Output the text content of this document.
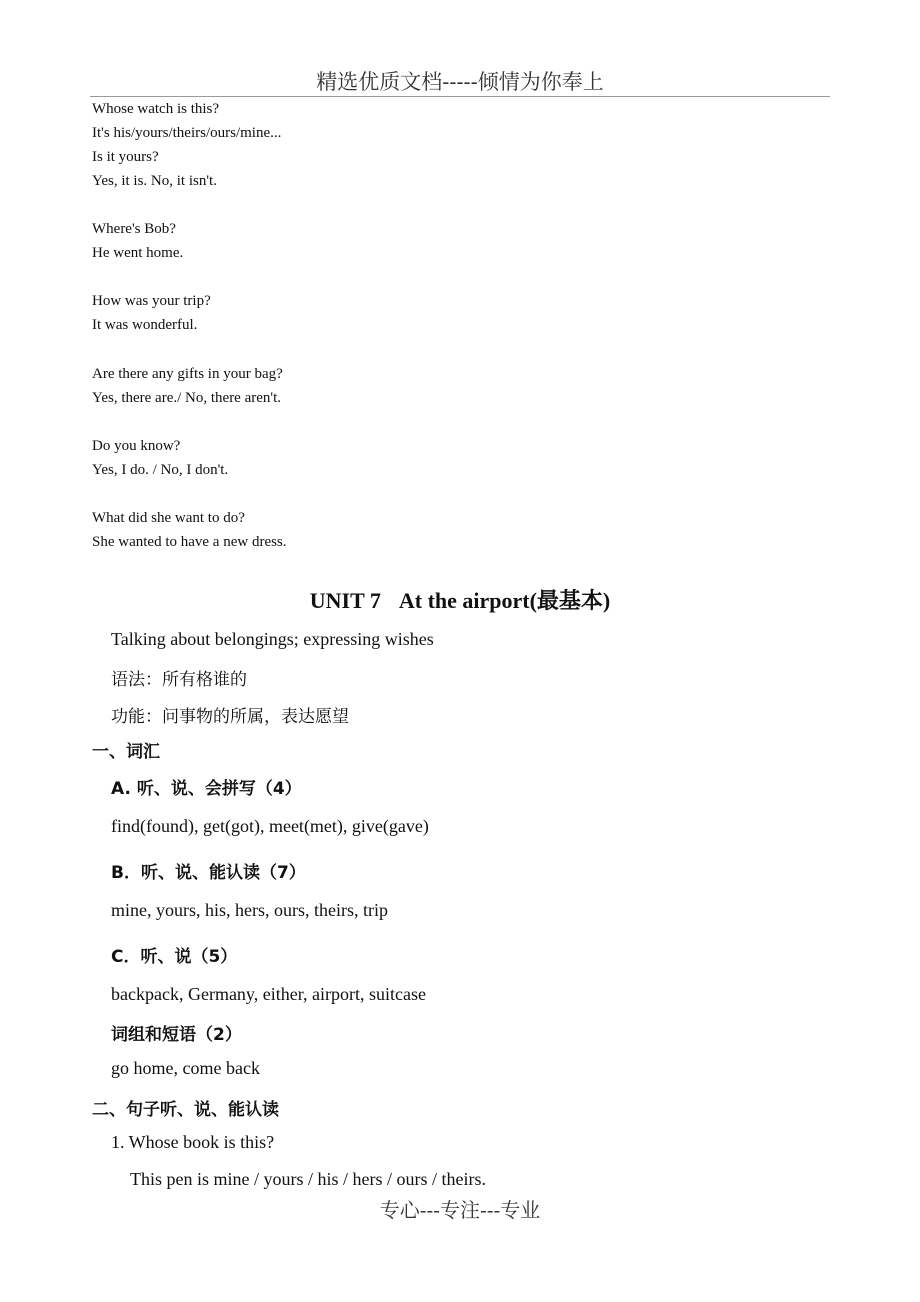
精选优质文档-----倾情为你奉上
Whose watch is this?
It's his/yours/theirs/ours/mine...
Is it yours?
Yes, it is. No, it isn't.
Where's Bob?
He went home.
How was your trip?
It was wonderful.
Are there any gifts in your bag?
Yes, there are./ No, there aren't.
Do you know?
Yes, I do. / No, I don't.
What did she want to do?
She wanted to have a new dress.
UNIT 7 At the airport(最基本)
Talking about belongings; expressing wishes
语法：所有格谁的
功能：问事物的所属，表达愿望
一、词汇
A. 听、说、会拼写（4）
find(found), get(got), meet(met), give(gave)
B．听、说、能认读（7）
mine, yours, his, hers, ours, theirs, trip
C．听、说（5）
backpack, Germany, either, airport, suitcase
词组和短语（2）
go home, come back
二、句子听、说、能认读
1. Whose book is this?
This pen is mine / yours / his / hers / ours / theirs.
专心---专注---专业
